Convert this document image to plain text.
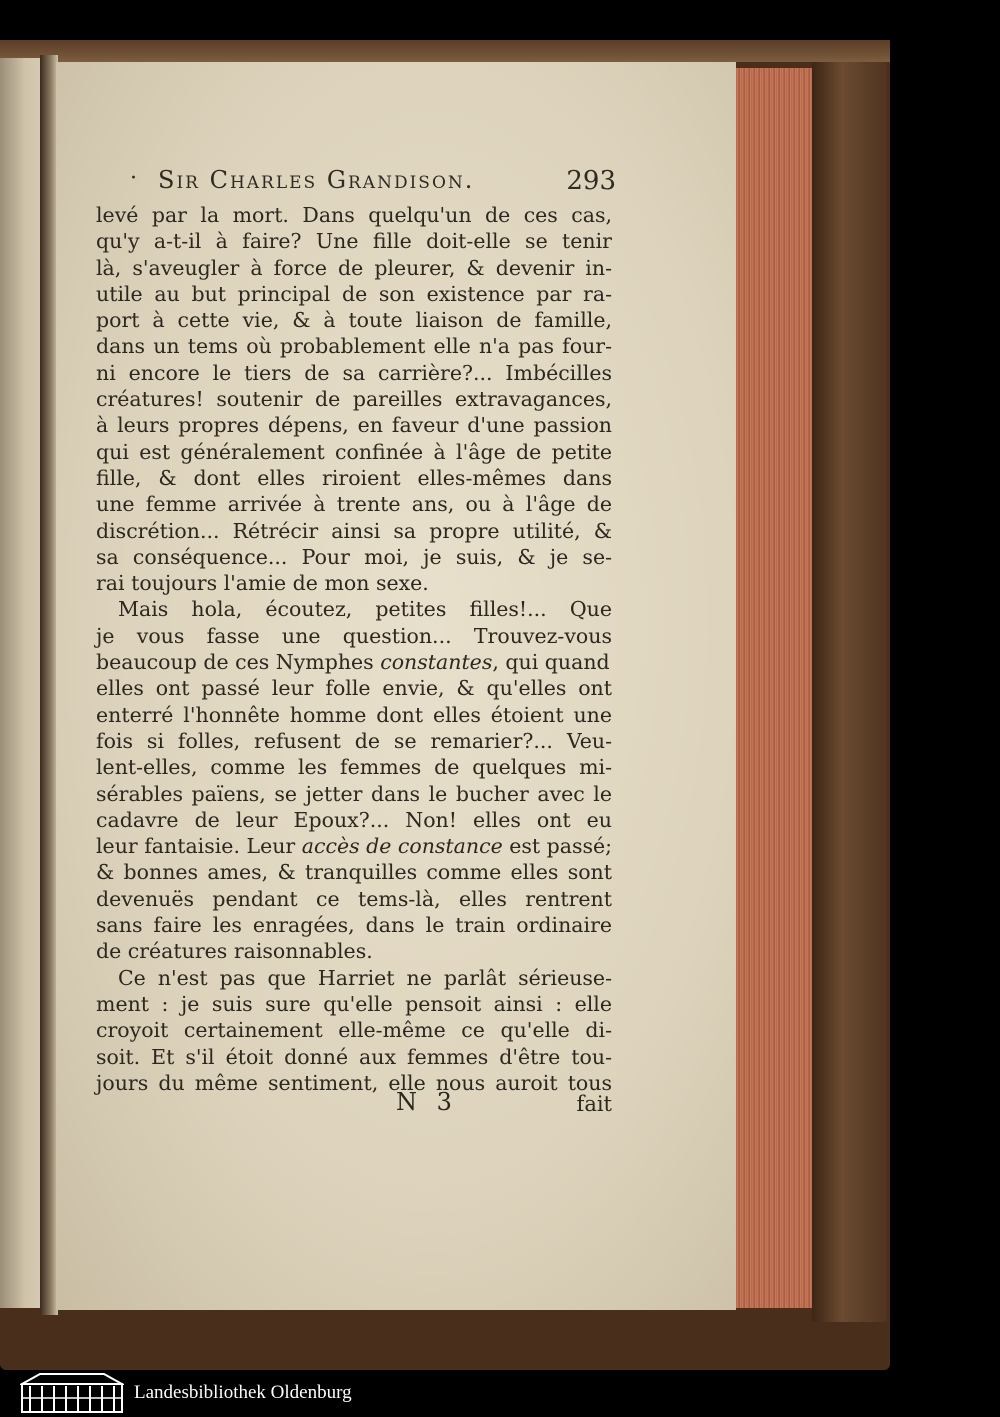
· Sir Charles Grandison.	293
levé par la mort. Dans quelqu'un de ces cas,
qu'y a-t-il à faire? Une fille doit-elle se tenir
là, s'aveugler à force de pleurer, & devenir in-
utile au but principal de son existence par ra-
port à cette vie, & à toute liaison de famille,
dans un tems où probablement elle n'a pas four-
ni encore le tiers de sa carrière?... Imbécilles
créatures! soutenir de pareilles extravagances,
à leurs propres dépens, en faveur d'une passion
qui est généralement confinée à l'âge de petite
fille, & dont elles riroient elles-mêmes dans
une femme arrivée à trente ans, ou à l'âge de
discrétion... Rétrécir ainsi sa propre utilité, &
sa conséquence... Pour moi, je suis, & je se-
rai toujours l'amie de mon sexe.
Mais hola, écoutez, petites filles!... Que
je vous fasse une question... Trouvez-vous
beaucoup de ces Nymphes constantes, qui quand
elles ont passé leur folle envie, & qu'elles ont
enterré l'honnête homme dont elles étoient une
fois si folles, refusent de se remarier?... Veu-
lent-elles, comme les femmes de quelques mi-
sérables païens, se jetter dans le bucher avec le
cadavre de leur Epoux?... Non! elles ont eu
leur fantaisie. Leur accès de constance est passé;
& bonnes ames, & tranquilles comme elles sont
devenuës pendant ce tems-là, elles rentrent
sans faire les enragées, dans le train ordinaire
de créatures raisonnables.
Ce n'est pas que Harriet ne parlât sérieuse-
ment : je suis sure qu'elle pensoit ainsi : elle
croyoit certainement elle-même ce qu'elle di-
soit. Et s'il étoit donné aux femmes d'être tou-
jours du même sentiment, elle nous auroit tous
N 3	fait
Landesbibliothek Oldenburg
